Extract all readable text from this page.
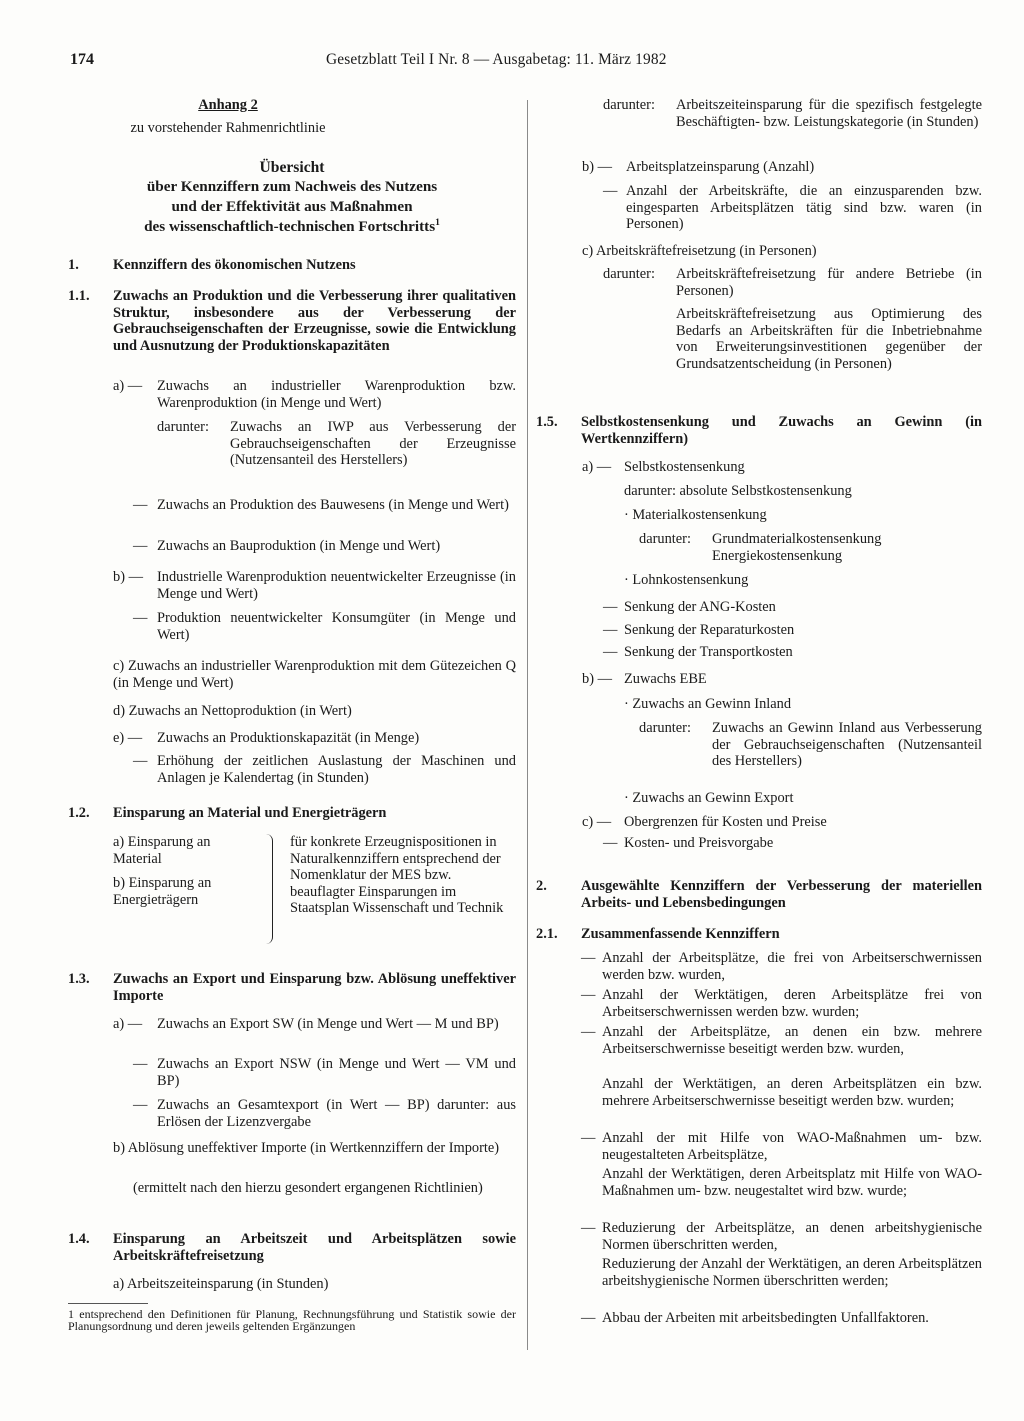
174	Gesetzblatt Teil I Nr. 8 — Ausgabetag: 11. März 1982
Anhang 2
zu vorstehender Rahmenrichtlinie
Übersicht
über Kennziffern zum Nachweis des Nutzens
und der Effektivität aus Maßnahmen
des wissenschaftlich-technischen Fortschritts$^1$
1. Kennziffern des ökonomischen Nutzens
1.1. Zuwachs an Produktion und die Verbesserung ihrer qualitativen Struktur, insbesondere aus der Verbesserung der Gebrauchseigenschaften der Erzeugnisse, sowie die Entwicklung und Ausnutzung der Produktionskapazitäten
a) — Zuwachs an industrieller Warenproduktion bzw. Warenproduktion (in Menge und Wert)
darunter: Zuwachs an IWP aus Verbesserung der Gebrauchseigenschaften der Erzeugnisse (Nutzensanteil des Herstellers)
— Zuwachs an Produktion des Bauwesens (in Menge und Wert)
— Zuwachs an Bauproduktion (in Menge und Wert)
b) — Industrielle Warenproduktion neuentwickelter Erzeugnisse (in Menge und Wert)
— Produktion neuentwickelter Konsumgüter (in Menge und Wert)
c) Zuwachs an industrieller Warenproduktion mit dem Gütezeichen Q (in Menge und Wert)
d) Zuwachs an Nettoproduktion (in Wert)
e) — Zuwachs an Produktionskapazität (in Menge)
— Erhöhung der zeitlichen Auslastung der Maschinen und Anlagen je Kalendertag (in Stunden)
1.2. Einsparung an Material und Energieträgern
a) Einsparung an Material
b) Einsparung an Energieträgern
für konkrete Erzeugnispositionen in Naturalkennziffern entsprechend der Nomenklatur der MES bzw. beauflagter Einsparungen im Staatsplan Wissenschaft und Technik
1.3. Zuwachs an Export und Einsparung bzw. Ablösung uneffektiver Importe
a) — Zuwachs an Export SW (in Menge und Wert — M und BP)
— Zuwachs an Export NSW (in Menge und Wert — VM und BP)
— Zuwachs an Gesamtexport (in Wert — BP) darunter: aus Erlösen der Lizenzvergabe
b) Ablösung uneffektiver Importe (in Wertkennziffern der Importe)
(ermittelt nach den hierzu gesondert ergangenen Richtlinien)
1.4. Einsparung an Arbeitszeit und Arbeitsplätzen sowie Arbeitskräftefreisetzung
a) Arbeitszeiteinsparung (in Stunden)
1 entsprechend den Definitionen für Planung, Rechnungsführung und Statistik sowie der Planungsordnung und deren jeweils geltenden Ergänzungen
darunter: Arbeitszeiteinsparung für die spezifisch festgelegte Beschäftigten- bzw. Leistungskategorie (in Stunden)
b) — Arbeitsplatzeinsparung (Anzahl)
— Anzahl der Arbeitskräfte, die an einzusparenden bzw. eingesparten Arbeitsplätzen tätig sind bzw. waren (in Personen)
c) Arbeitskräftefreisetzung (in Personen)
darunter: Arbeitskräftefreisetzung für andere Betriebe (in Personen)
Arbeitskräftefreisetzung aus Optimierung des Bedarfs an Arbeitskräften für die Inbetriebnahme von Erweiterungsinvestitionen gegenüber der Grundsatzentscheidung (in Personen)
1.5. Selbstkostensenkung und Zuwachs an Gewinn (in Wertkennziffern)
a) — Selbstkostensenkung
darunter: absolute Selbstkostensenkung
· Materialkostensenkung
darunter: Grundmaterialkostensenkung
Energiekostensenkung
· Lohnkostensenkung
— Senkung der ANG-Kosten
— Senkung der Reparaturkosten
— Senkung der Transportkosten
b) — Zuwachs EBE
· Zuwachs an Gewinn Inland
darunter: Zuwachs an Gewinn Inland aus Verbesserung der Gebrauchseigenschaften (Nutzensanteil des Herstellers)
· Zuwachs an Gewinn Export
c) — Obergrenzen für Kosten und Preise
— Kosten- und Preisvorgabe
2. Ausgewählte Kennziffern der Verbesserung der materiellen Arbeits- und Lebensbedingungen
2.1. Zusammenfassende Kennziffern
— Anzahl der Arbeitsplätze, die frei von Arbeitserschwernissen werden bzw. wurden,
— Anzahl der Werktätigen, deren Arbeitsplätze frei von Arbeitserschwernissen werden bzw. wurden;
— Anzahl der Arbeitsplätze, an denen ein bzw. mehrere Arbeitserschwernisse beseitigt werden bzw. wurden,
Anzahl der Werktätigen, an deren Arbeitsplätzen ein bzw. mehrere Arbeitserschwernisse beseitigt werden bzw. wurden;
— Anzahl der mit Hilfe von WAO-Maßnahmen um- bzw. neugestalteten Arbeitsplätze,
Anzahl der Werktätigen, deren Arbeitsplatz mit Hilfe von WAO-Maßnahmen um- bzw. neugestaltet wird bzw. wurde;
— Reduzierung der Arbeitsplätze, an denen arbeitshygienische Normen überschritten werden,
Reduzierung der Anzahl der Werktätigen, an deren Arbeitsplätzen arbeitshygienische Normen überschritten werden;
— Abbau der Arbeiten mit arbeitsbedingten Unfallfaktoren.
